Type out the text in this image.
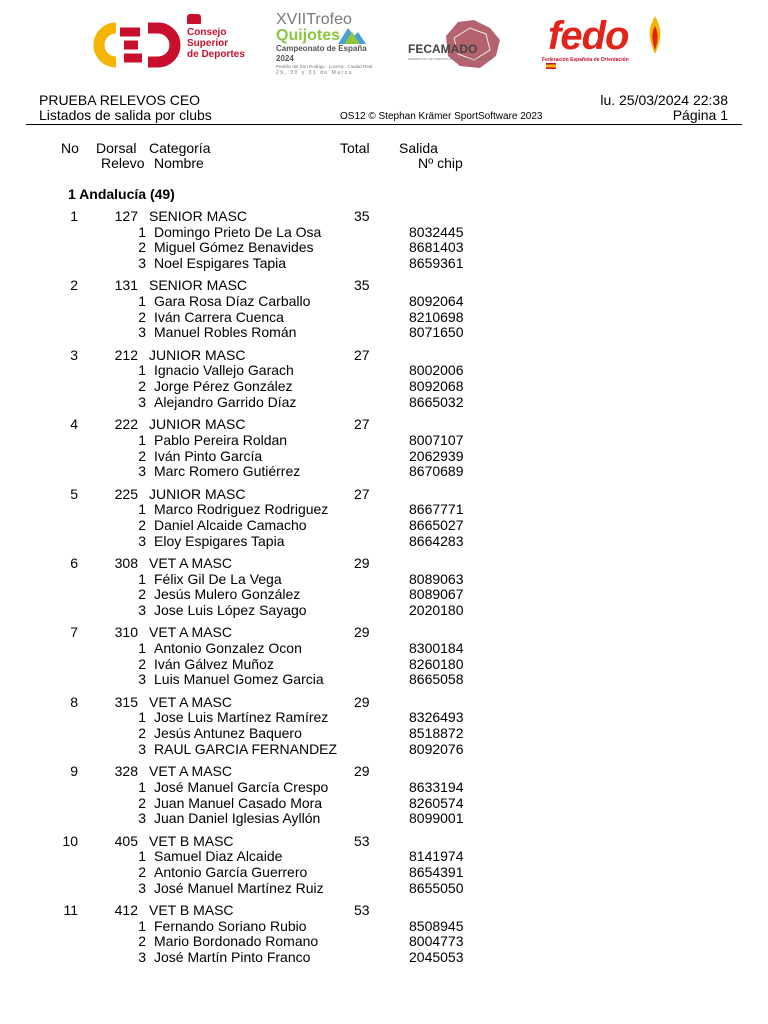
Consejo
Superior
de Deportes
XVIITrofeo
Quijotes
Campeonato de España 2024
Pedrillo del Don Rodrigo · Lucena · Ciudad Real
29, 30 y 31 de Marzo
FECAMADO
FEDERACIÓN DE ORIENTACIÓN DE CASTILLA-LA MANCHA
fedo
Federación Española de Orientación
PRUEBA RELEVOS CEO
Listados de salida por clubs	OS12 © Stephan Krämer SportSoftware 2023
lu. 25/03/2024 22:38
Página 1
No Dorsal
Relevo
Categoría
Nombre
Total Salida
Nº chip
1 Andalucía (49)
1	127 SENIOR MASC	35
1 Domingo Prieto De La Osa	8032445
2 Miguel Gómez Benavides	8681403
3 Noel Espigares Tapia	8659361
2	131 SENIOR MASC	35
1 Gara Rosa Díaz Carballo	8092064
2 Iván Carrera Cuenca	8210698
3 Manuel Robles Román	8071650
3	212 JUNIOR MASC	27
1 Ignacio Vallejo Garach	8002006
2 Jorge Pérez González	8092068
3 Alejandro Garrido Díaz	8665032
4	222 JUNIOR MASC	27
1 Pablo Pereira Roldan	8007107
2 Iván Pinto García	2062939
3 Marc Romero Gutiérrez	8670689
5	225 JUNIOR MASC	27
1 Marco Rodriguez Rodriguez	8667771
2 Daniel Alcaide Camacho	8665027
3 Eloy Espigares Tapia	8664283
6	308 VET A MASC	29
1 Félix Gil De La Vega	8089063
2 Jesús Mulero González	8089067
3 Jose Luis López Sayago	2020180
7	310 VET A MASC	29
1 Antonio Gonzalez Ocon	8300184
2 Iván Gálvez Muñoz	8260180
3 Luis Manuel Gomez Garcia	8665058
8	315 VET A MASC	29
1 Jose Luis Martínez Ramírez	8326493
2 Jesús Antunez Baquero	8518872
3 RAUL GARCIA FERNANDEZ	8092076
9	328 VET A MASC	29
1 José Manuel García Crespo	8633194
2 Juan Manuel Casado Mora	8260574
3 Juan Daniel Iglesias Ayllón	8099001
10	405 VET B MASC	53
1 Samuel Diaz Alcaide	8141974
2 Antonio García Guerrero	8654391
3 José Manuel Martínez Ruiz	8655050
11	412 VET B MASC	53
1 Fernando Soriano Rubio	8508945
2 Mario Bordonado Romano	8004773
3 José Martín Pinto Franco	2045053
